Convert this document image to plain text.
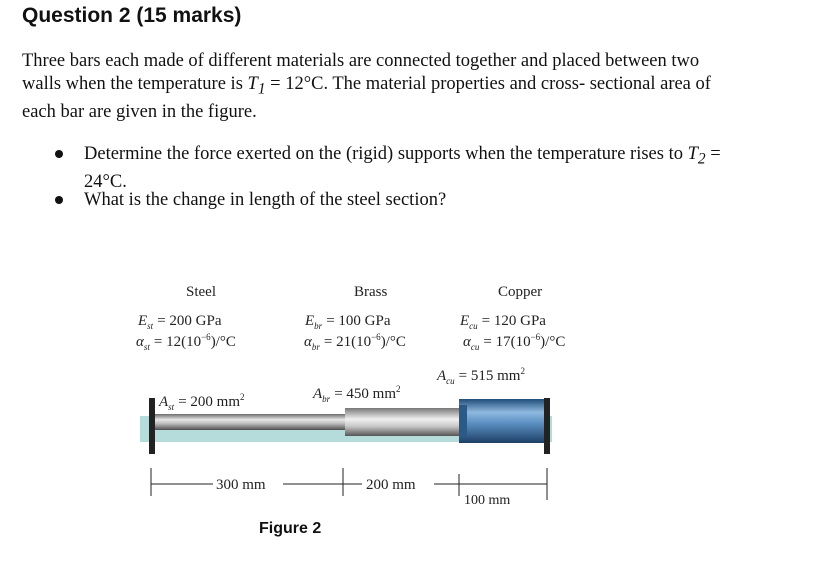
Question 2 (15 marks)

Three bars each made of different materials are connected together and placed between two walls when the temperature is $T_1 = 12^\circ C$. The material properties and cross- sectional area of each bar are given in the figure.

Determine the force exerted on the (rigid) supports when the temperature rises to $T_2 = 24^\circ C$.
What is the change in length of the steel section?
Steel
$E_{st} = 200$ GPa
$\alpha_{st} = 12(10^{-6})/^\circ C$
$A_{st} = 200$ $mm^2$
Brass
$E_{br} = 100$ GPa
$\alpha_{br} = 21(10^{-6})/^\circ C$
$A_{br} = 450$ $mm^2$
Copper
$E_{cu} = 120$ GPa
$\alpha_{cu} = 17(10^{-6})/^\circ C$
$A_{cu} = 515$ $mm^2$
300 mm	200 mm
100 mm
Figure 2
